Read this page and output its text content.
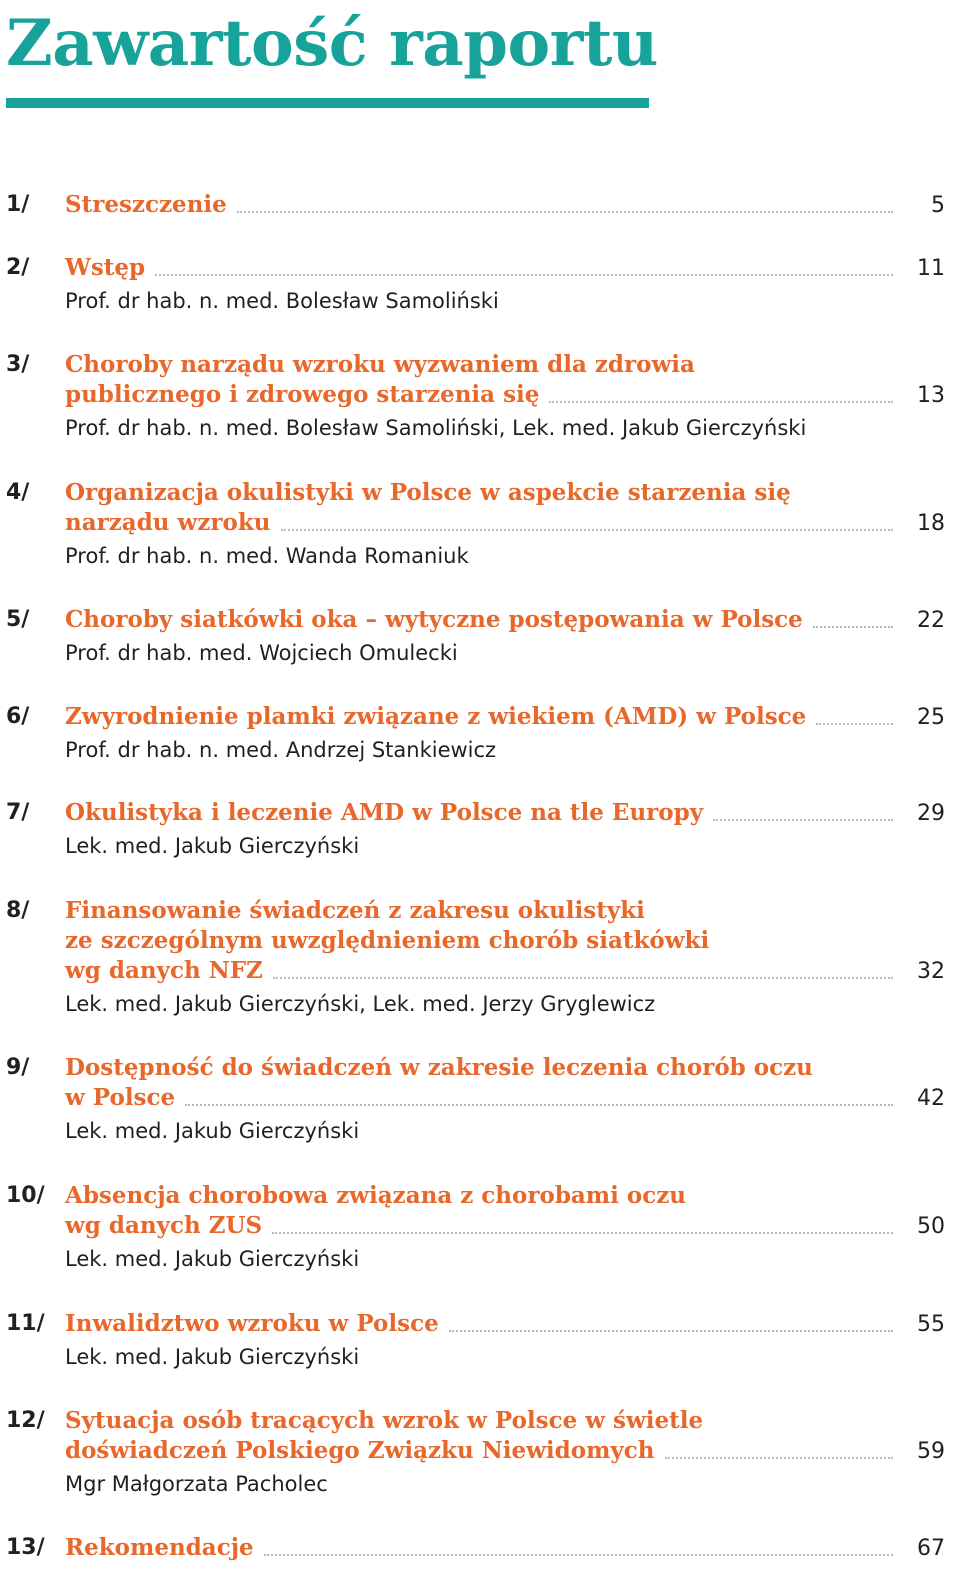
Zawartość raportu
1/ Streszczenie	5
2/ Wstęp	11
Prof. dr hab. n. med. Bolesław Samoliński
3/ Choroby narządu wzroku wyzwaniem dla zdrowia
publicznego i zdrowego starzenia się	13
Prof. dr hab. n. med. Bolesław Samoliński, Lek. med. Jakub Gierczyński
4/ Organizacja okulistyki w Polsce w aspekcie starzenia się
narządu wzroku	18
Prof. dr hab. n. med. Wanda Romaniuk
5/ Choroby siatkówki oka – wytyczne postępowania w Polsce	22
Prof. dr hab. med. Wojciech Omulecki
6/ Zwyrodnienie plamki związane z wiekiem (AMD) w Polsce	25
Prof. dr hab. n. med. Andrzej Stankiewicz
7/ Okulistyka i leczenie AMD w Polsce na tle Europy	29
Lek. med. Jakub Gierczyński
8/ Finansowanie świadczeń z zakresu okulistyki
ze szczególnym uwzględnieniem chorób siatkówki
wg danych NFZ	32
Lek. med. Jakub Gierczyński, Lek. med. Jerzy Gryglewicz
9/ Dostępność do świadczeń w zakresie leczenia chorób oczu
w Polsce	42
Lek. med. Jakub Gierczyński
10/ Absencja chorobowa związana z chorobami oczu
wg danych ZUS	50
Lek. med. Jakub Gierczyński
11/ Inwalidztwo wzroku w Polsce	55
Lek. med. Jakub Gierczyński
12/ Sytuacja osób tracących wzrok w Polsce w świetle
doświadczeń Polskiego Związku Niewidomych	59
Mgr Małgorzata Pacholec
13/ Rekomendacje	67
